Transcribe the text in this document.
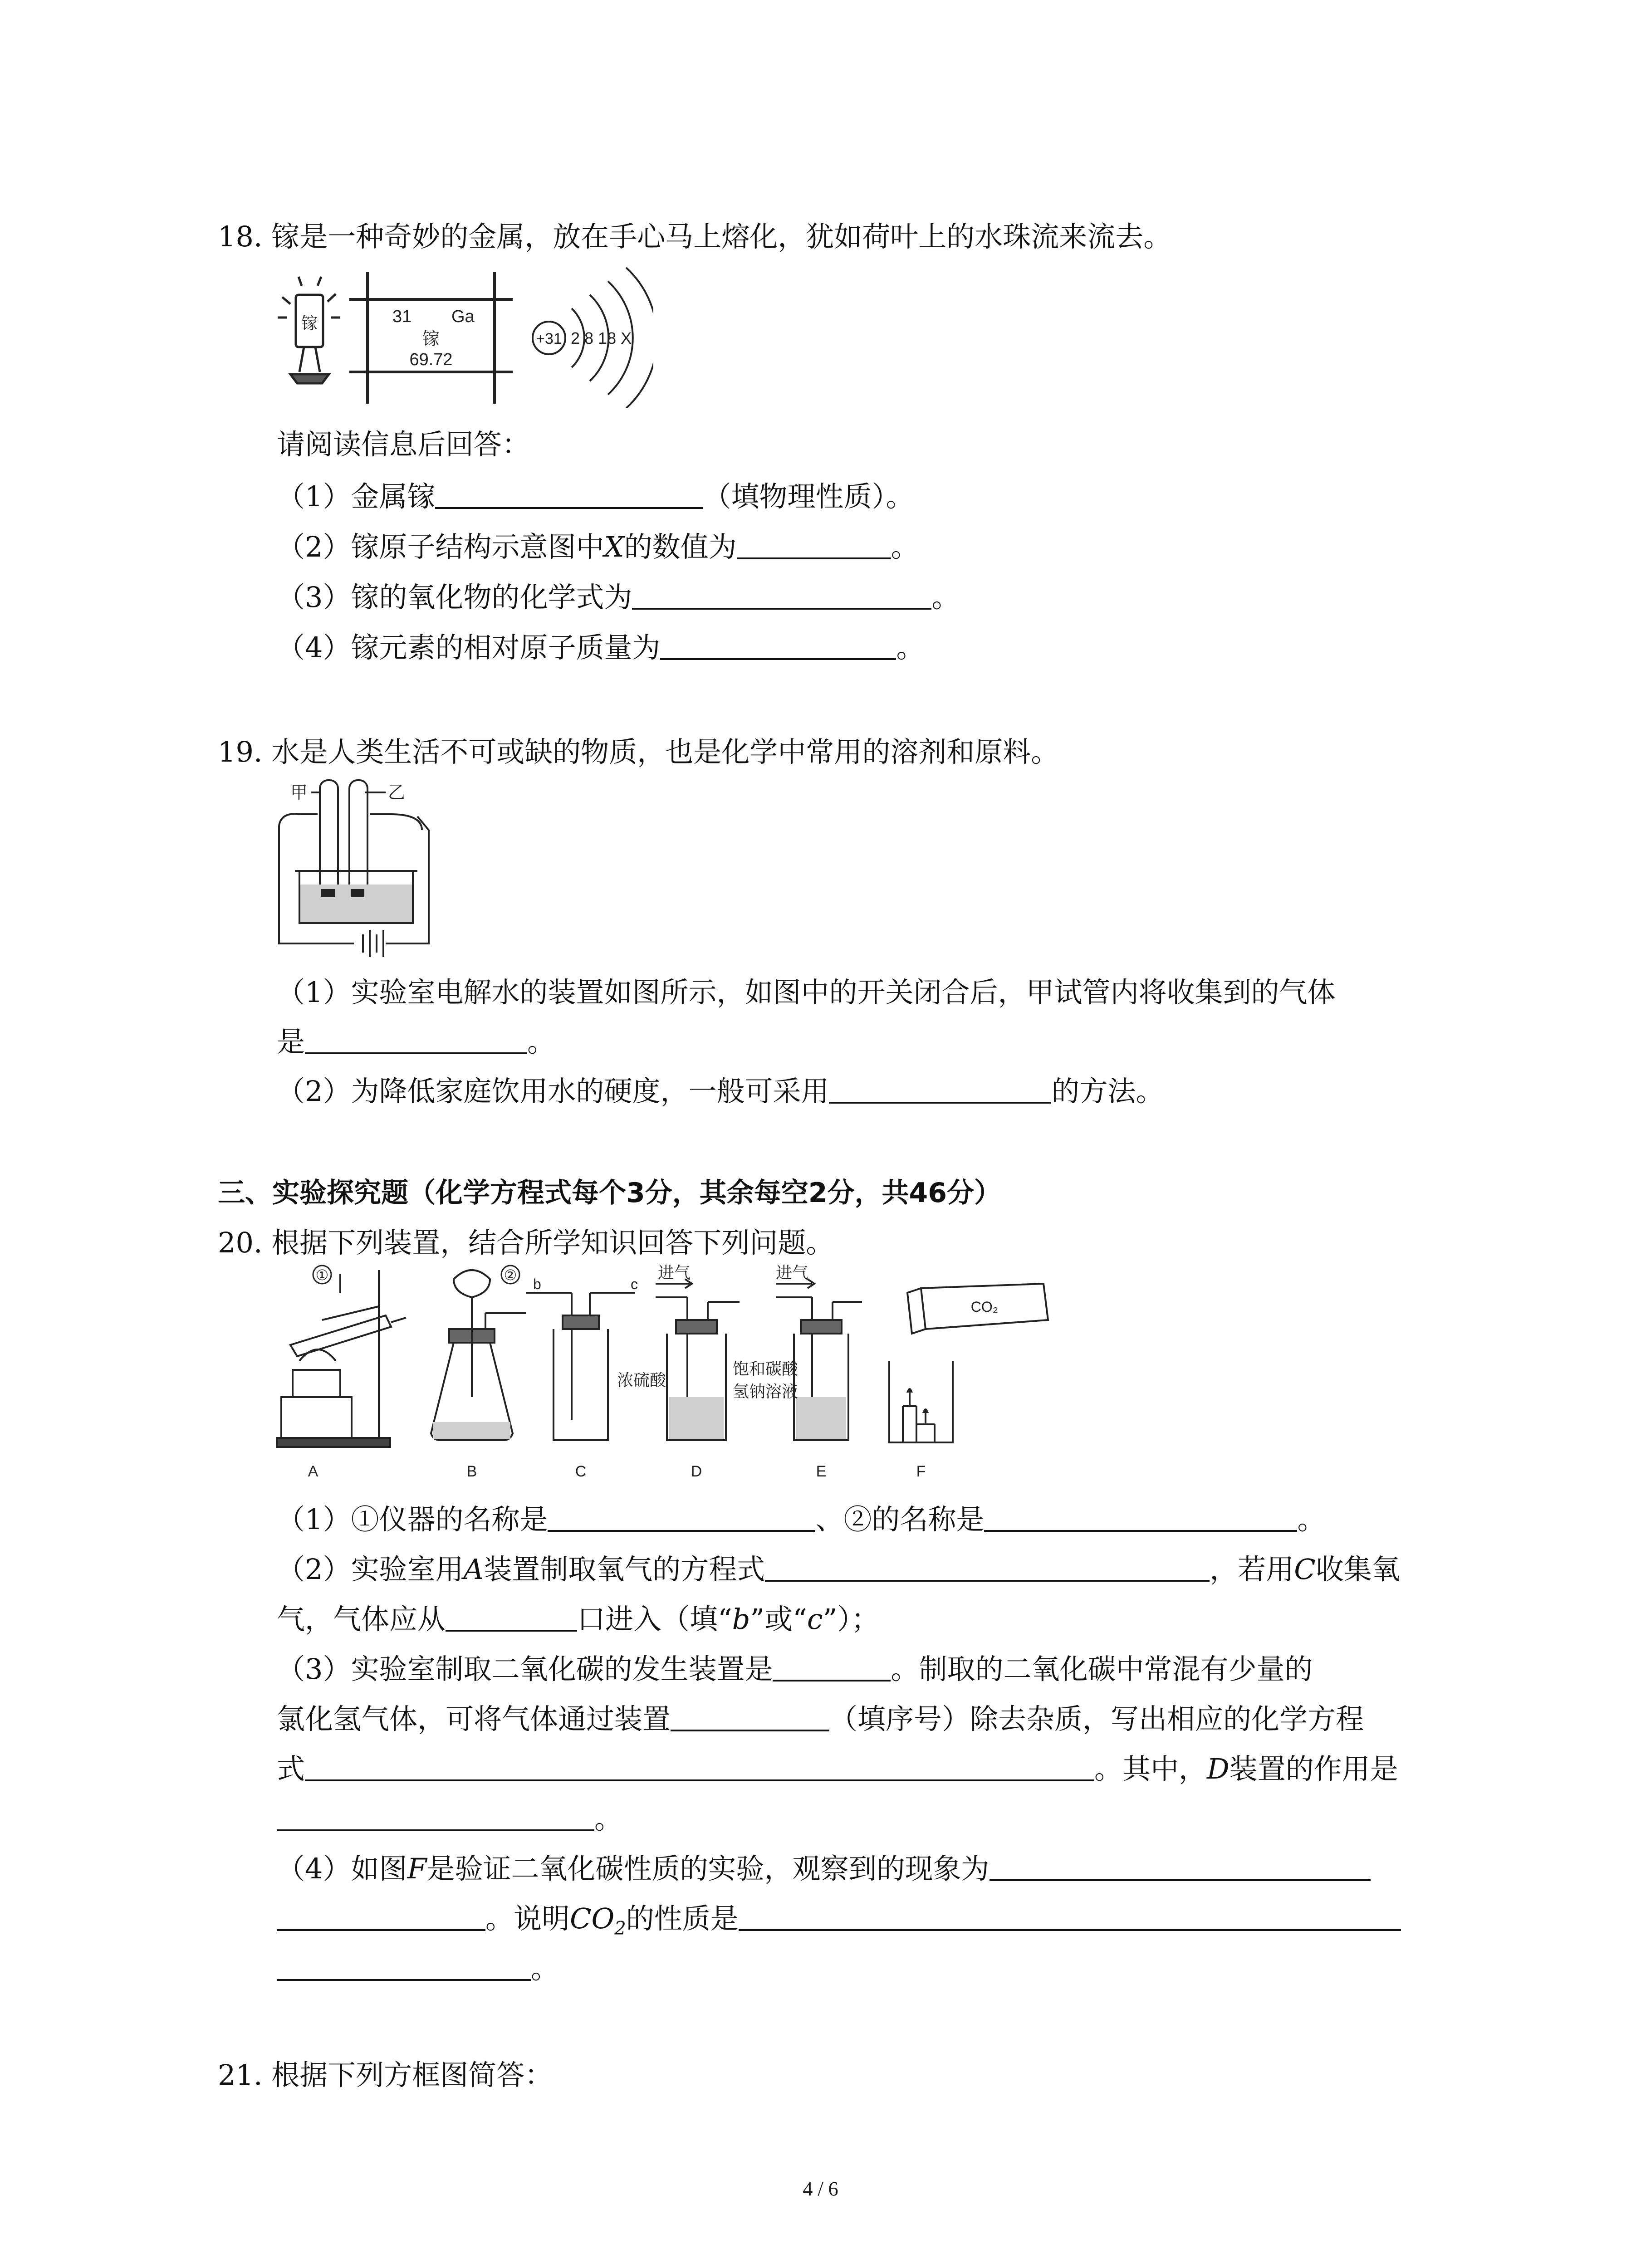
18. 镓是一种奇妙的金属，放在手心马上熔化，犹如荷叶上的水珠流来流去。
镓	31 Ga
镓
69.72
+31 2 8 18 X
请阅读信息后回答：
（1）金属镓	（填物理性质）。
（2）镓原子结构示意图中X的数值为	。
（3）镓的氧化物的化学式为	。
（4）镓元素的相对原子质量为	。
19. 水是人类生活不可或缺的物质，也是化学中常用的溶剂和原料。
甲	乙
（1）实验室电解水的装置如图所示，如图中的开关闭合后，甲试管内将收集到的气体
是	。
（2）为降低家庭饮用水的硬度，一般可采用	的方法。
三、实验探究题（化学方程式每个3分，其余每空2分，共46分）
20. 根据下列装置，结合所学知识回答下列问题。
①	②
b	c
进气	进气
浓硫酸
饱和碳酸
氢钠溶液
CO₂
A	B	C	D	E	F
（1）①仪器的名称是	、②的名称是	。
（2）实验室用A装置制取氧气的方程式	，若用C收集氧
气，气体应从	口进入（填“b”或“c”）；
（3）实验室制取二氧化碳的发生装置是	。制取的二氧化碳中常混有少量的
氯化氢气体，可将气体通过装置	（填序号）除去杂质，写出相应的化学方程
式	。其中，D装置的作用是
。
（4）如图F是验证二氧化碳性质的实验，观察到的现象为
。说明$CO_2$的性质是
。
21. 根据下列方框图简答：
4 / 6
